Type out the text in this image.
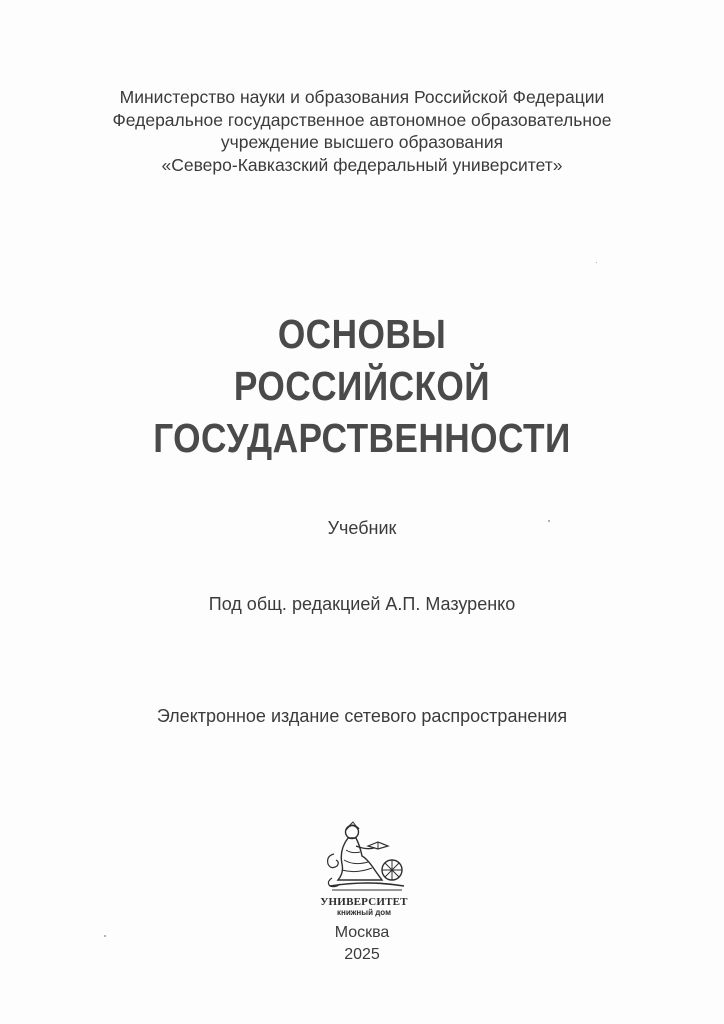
Министерство науки и образования Российской Федерации
Федеральное государственное автономное образовательное
учреждение высшего образования
«Северо-Кавказский федеральный университет»
ОСНОВЫ
РОССИЙСКОЙ
ГОСУДАРСТВЕННОСТИ
Учебник
Под общ. редакцией А.П. Мазуренко
Электронное издание сетевого распространения
УНИВЕРСИТЕТ
книжный дом
Москва
2025
